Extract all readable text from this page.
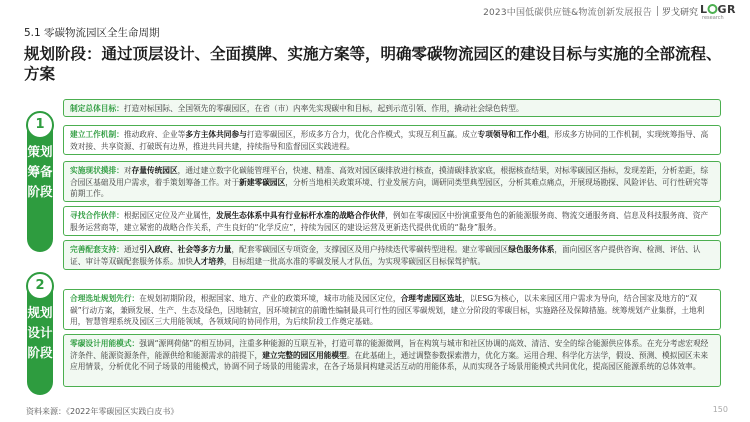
2023中国低碳供应链&物流创新发展报告 罗戈研究 L GR
research
5.1 零碳物流园区全生命周期
规划阶段：通过顶层设计、全面摸牌、实施方案等，明确零碳物流园区的建设目标与实施的全部流程、方案
1
策划筹备阶段
2
规划设计阶段
制定总体目标：打造对标国际、全国领先的零碳园区，在省（市）内率先实现碳中和目标，起到示范引领、作用，撬动社会绿色转型。
建立工作机制：推动政府、企业等多方主体共同参与打造零碳园区，形成多方合力，优化合作模式，实现互利互赢。成立专项领导和工作小组，形成多方协同的工作机制，实现统筹指导、高效对接、共享资源、打破既有边界，推进共同共建，持续指导和监督园区实践进程。
实施现状摸排：对存量传统园区，通过建立数字化碳能管理平台，快速、精准、高效对园区碳排放进行核查，摸清碳排放家底，根据核查结果，对标零碳园区指标，发现差距，分析差距，综合园区基础及用户需求，着手策划筹备工作。对于新建零碳园区，分析当地相关政策环境、行业发展方向，调研同类型典型园区，分析其难点痛点，开展现场勘探、风险评估、可行性研究等前期工作。
寻找合作伙伴：根据园区定位及产业属性，发展生态体系中具有行业标杆水准的战略合作伙伴，例如在零碳园区中扮演重要角色的新能源服务商、物流交通服务商、信息及科技服务商、资产服务运营商等，建立紧密的战略合作关系，产生良好的“化学反应”，持续为园区的建设运营及更新迭代提供优质的“黏身”服务。
完善配套支持：通过引入政府、社会等多方力量，配套零碳园区专项资金，支撑园区及用户持续迭代零碳转型进程。建立零碳园区绿色服务体系，面向园区客户提供咨询、检测、评估、认证、审计等双碳配套服务体系。加快人才培养，目标组建一批高水准的零碳发展人才队伍，为实现零碳园区目标保驾护航。
合理选址规划先行：在规划初期阶段，根据国家、地方、产业的政策环境，城市功能及园区定位，合理考虑园区选址，以ESG为核心，以未来园区用户需求为导向，结合国家及地方的“双碳”行动方案，兼顾发展、生产、生态及绿色，因地制宜，因环境制宜的前瞻性编制最具可行性的园区零碳规划，建立分阶段的零碳目标，实施路径及保障措施。统筹规划产业集群，土地利用，智慧管理系统及园区三大用能领域，各领域间的协同作用，为后续阶段工作奠定基础。
零碳设计用能模式：强调“源网荷储”的相互协同，注重多种能源的互联互补，打造可靠的能源微网，旨在构筑与城市和社区协调的高效、清洁、安全的综合能源供应体系。在充分考虑宏观经济条件、能源资源条件，能源供给和能源需求的前提下，建立完整的园区用能模型。在此基础上，通过调整参数探索潜力，优化方案。运用合理、科学化方法学，假设、预测、模拟园区未来应用情景，分析优化不同子场景的用能模式，协调不同子场景的用能需求，在各子场景间构建灵活互动的用能体系，从而实现各子场景用能模式共同优化，提高园区能源系统的总体效率。
资料来源：《2022年零碳园区实践白皮书》	150
